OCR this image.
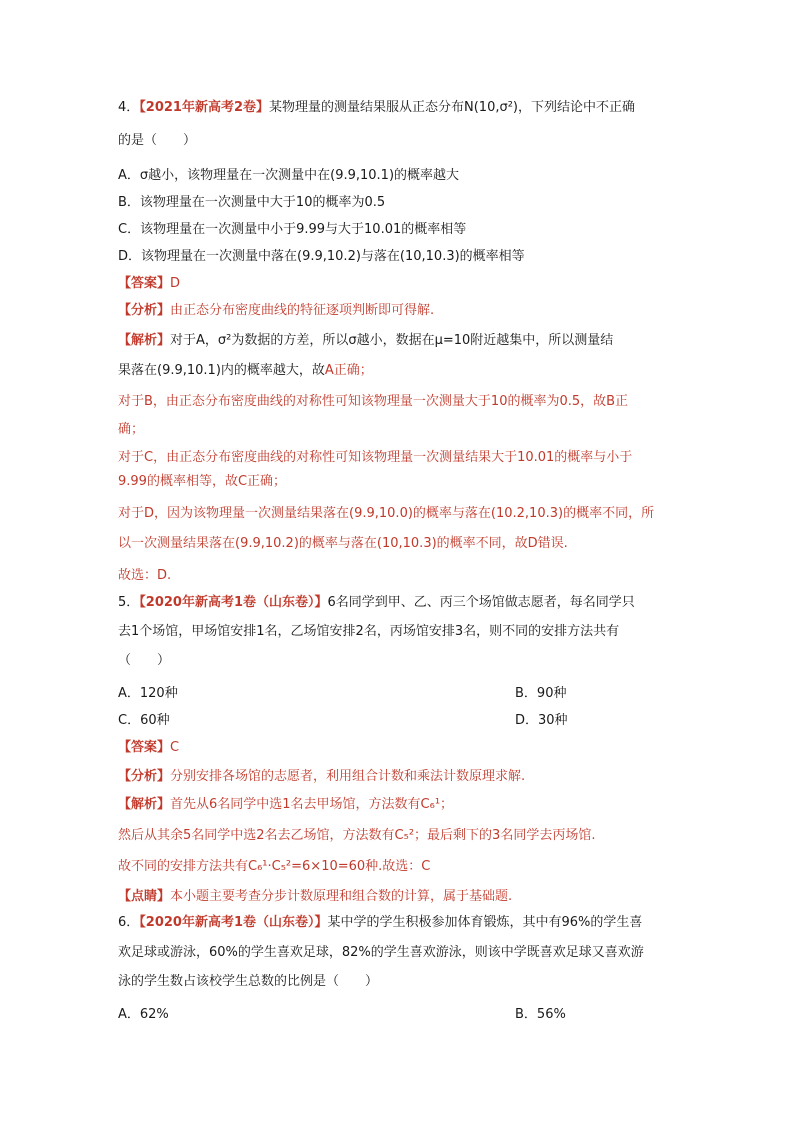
4．【2021年新高考2卷】某物理量的测量结果服从正态分布N(10,σ²)，下列结论中不正确
的是（　　）
A．σ越小，该物理量在一次测量中在(9.9,10.1)的概率越大
B．该物理量在一次测量中大于10的概率为0.5
C．该物理量在一次测量中小于9.99与大于10.01的概率相等
D．该物理量在一次测量中落在(9.9,10.2)与落在(10,10.3)的概率相等
【答案】D
【分析】由正态分布密度曲线的特征逐项判断即可得解.
【解析】对于A，σ²为数据的方差，所以σ越小，数据在μ=10附近越集中，所以测量结
果落在(9.9,10.1)内的概率越大，故A正确；
对于B，由正态分布密度曲线的对称性可知该物理量一次测量大于10的概率为0.5，故B正
确；
对于C，由正态分布密度曲线的对称性可知该物理量一次测量结果大于10.01的概率与小于
9.99的概率相等，故C正确；
对于D，因为该物理量一次测量结果落在(9.9,10.0)的概率与落在(10.2,10.3)的概率不同，所
以一次测量结果落在(9.9,10.2)的概率与落在(10,10.3)的概率不同，故D错误.
故选：D.
5．【2020年新高考1卷（山东卷）】6名同学到甲、乙、丙三个场馆做志愿者，每名同学只
去1个场馆，甲场馆安排1名，乙场馆安排2名，丙场馆安排3名，则不同的安排方法共有
（　　）
A．120种	B．90种
C．60种	D．30种
【答案】C
【分析】分别安排各场馆的志愿者，利用组合计数和乘法计数原理求解.
【解析】首先从6名同学中选1名去甲场馆，方法数有C₆¹；
然后从其余5名同学中选2名去乙场馆，方法数有C₅²；最后剩下的3名同学去丙场馆.
故不同的安排方法共有C₆¹·C₅²=6×10=60种.故选：C
【点睛】本小题主要考查分步计数原理和组合数的计算，属于基础题.
6．【2020年新高考1卷（山东卷）】某中学的学生积极参加体育锻炼，其中有96%的学生喜
欢足球或游泳，60%的学生喜欢足球，82%的学生喜欢游泳，则该中学既喜欢足球又喜欢游
泳的学生数占该校学生总数的比例是（　　）
A．62%	B．56%
